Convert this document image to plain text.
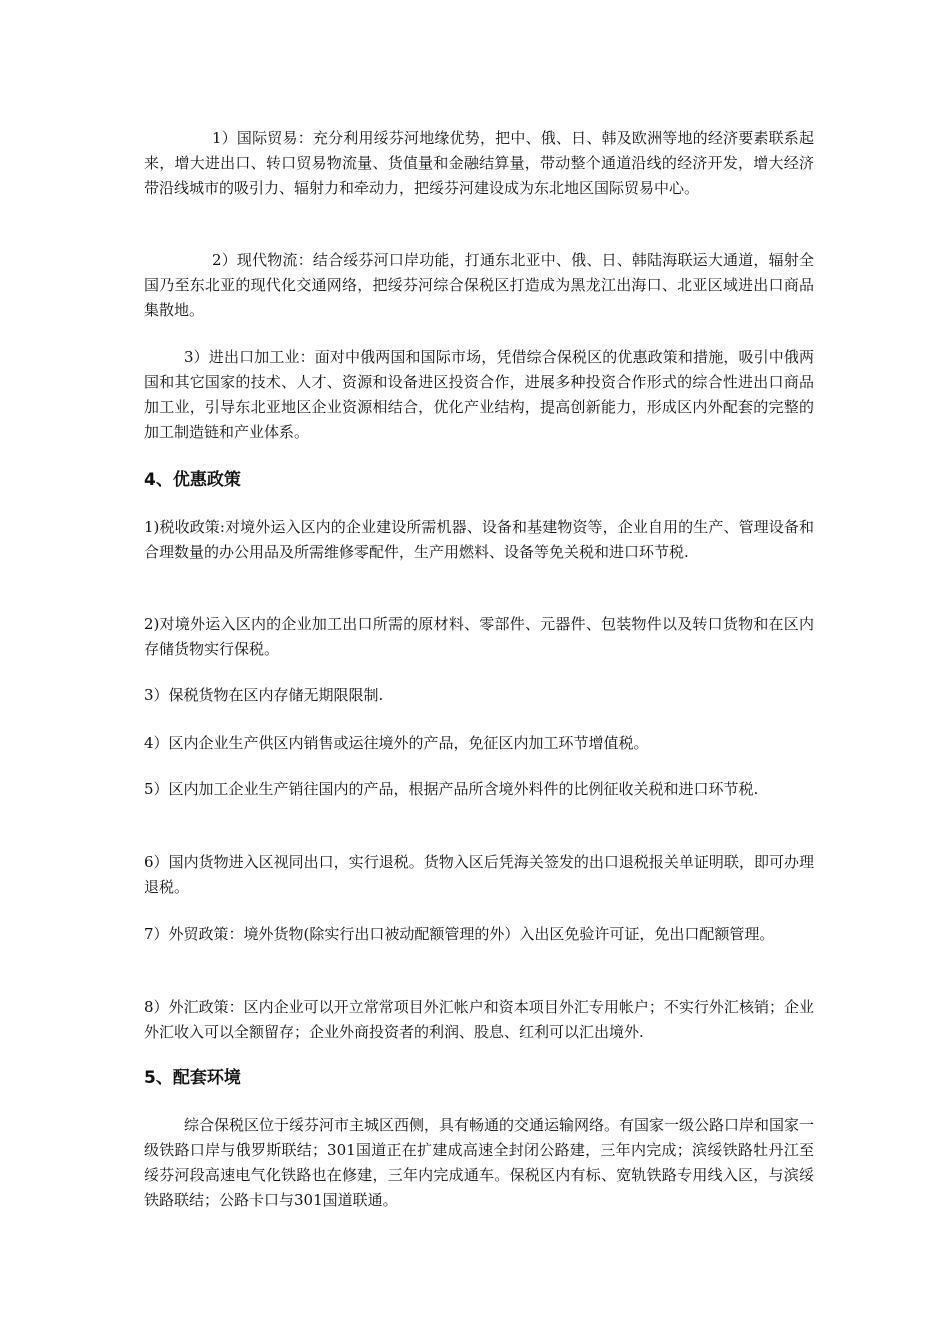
1）国际贸易：充分利用绥芬河地缘优势，把中、俄、日、韩及欧洲等地的经济要素联系起来，增大进出口、转口贸易物流量、货值量和金融结算量，带动整个通道沿线的经济开发，增大经济带沿线城市的吸引力、辐射力和牵动力，把绥芬河建设成为东北地区国际贸易中心。

2）现代物流：结合绥芬河口岸功能，打通东北亚中、俄、日、韩陆海联运大通道，辐射全国乃至东北亚的现代化交通网络，把绥芬河综合保税区打造成为黑龙江出海口、北亚区域进出口商品集散地。

3）进出口加工业：面对中俄两国和国际市场，凭借综合保税区的优惠政策和措施，吸引中俄两国和其它国家的技术、人才、资源和设备进区投资合作，进展多种投资合作形式的综合性进出口商品加工业，引导东北亚地区企业资源相结合，优化产业结构，提高创新能力，形成区内外配套的完整的加工制造链和产业体系。

4、优惠政策

1)税收政策:对境外运入区内的企业建设所需机器、设备和基建物资等，企业自用的生产、管理设备和合理数量的办公用品及所需维修零配件，生产用燃料、设备等免关税和进口环节税.

2)对境外运入区内的企业加工出口所需的原材料、零部件、元器件、包装物件以及转口货物和在区内存储货物实行保税。

3）保税货物在区内存储无期限限制.

4）区内企业生产供区内销售或运往境外的产品，免征区内加工环节增值税。

5）区内加工企业生产销往国内的产品，根据产品所含境外料件的比例征收关税和进口环节税.

6）国内货物进入区视同出口，实行退税。货物入区后凭海关签发的出口退税报关单证明联，即可办理退税。

7）外贸政策：境外货物(除实行出口被动配额管理的外）入出区免验许可证，免出口配额管理。

8）外汇政策：区内企业可以开立常常项目外汇帐户和资本项目外汇专用帐户；不实行外汇核销；企业外汇收入可以全额留存；企业外商投资者的利润、股息、红利可以汇出境外.

5、配套环境

综合保税区位于绥芬河市主城区西侧，具有畅通的交通运输网络。有国家一级公路口岸和国家一级铁路口岸与俄罗斯联结；301国道正在扩建成高速全封闭公路建，三年内完成；滨绥铁路牡丹江至绥芬河段高速电气化铁路也在修建，三年内完成通车。保税区内有标、宽轨铁路专用线入区，与滨绥铁路联结；公路卡口与301国道联通。
